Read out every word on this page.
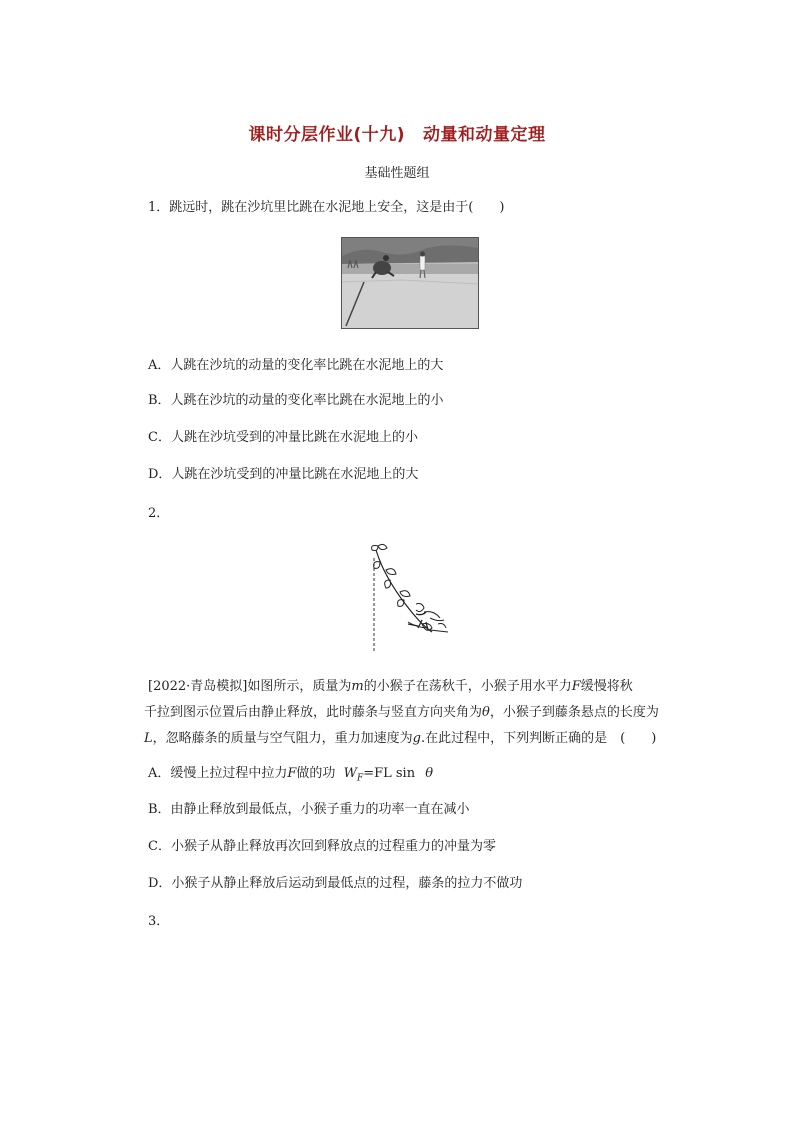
课时分层作业(十九) 动量和动量定理
基础性题组
1．跳远时，跳在沙坑里比跳在水泥地上安全，这是由于(　　)
A．人跳在沙坑的动量的变化率比跳在水泥地上的大
B．人跳在沙坑的动量的变化率比跳在水泥地上的小
C．人跳在沙坑受到的冲量比跳在水泥地上的小
D．人跳在沙坑受到的冲量比跳在水泥地上的大
2．
[2022·青岛模拟]如图所示，质量为m的小猴子在荡秋千，小猴子用水平力F缓慢将秋
千拉到图示位置后由静止释放，此时藤条与竖直方向夹角为θ，小猴子到藤条悬点的长度为
L，忽略藤条的质量与空气阻力，重力加速度为g.在此过程中，下列判断正确的是　(　　)
A．缓慢上拉过程中拉力F做的功 $W_F=FL$ sin θ
B．由静止释放到最低点，小猴子重力的功率一直在减小
C．小猴子从静止释放再次回到释放点的过程重力的冲量为零
D．小猴子从静止释放后运动到最低点的过程，藤条的拉力不做功
3．
